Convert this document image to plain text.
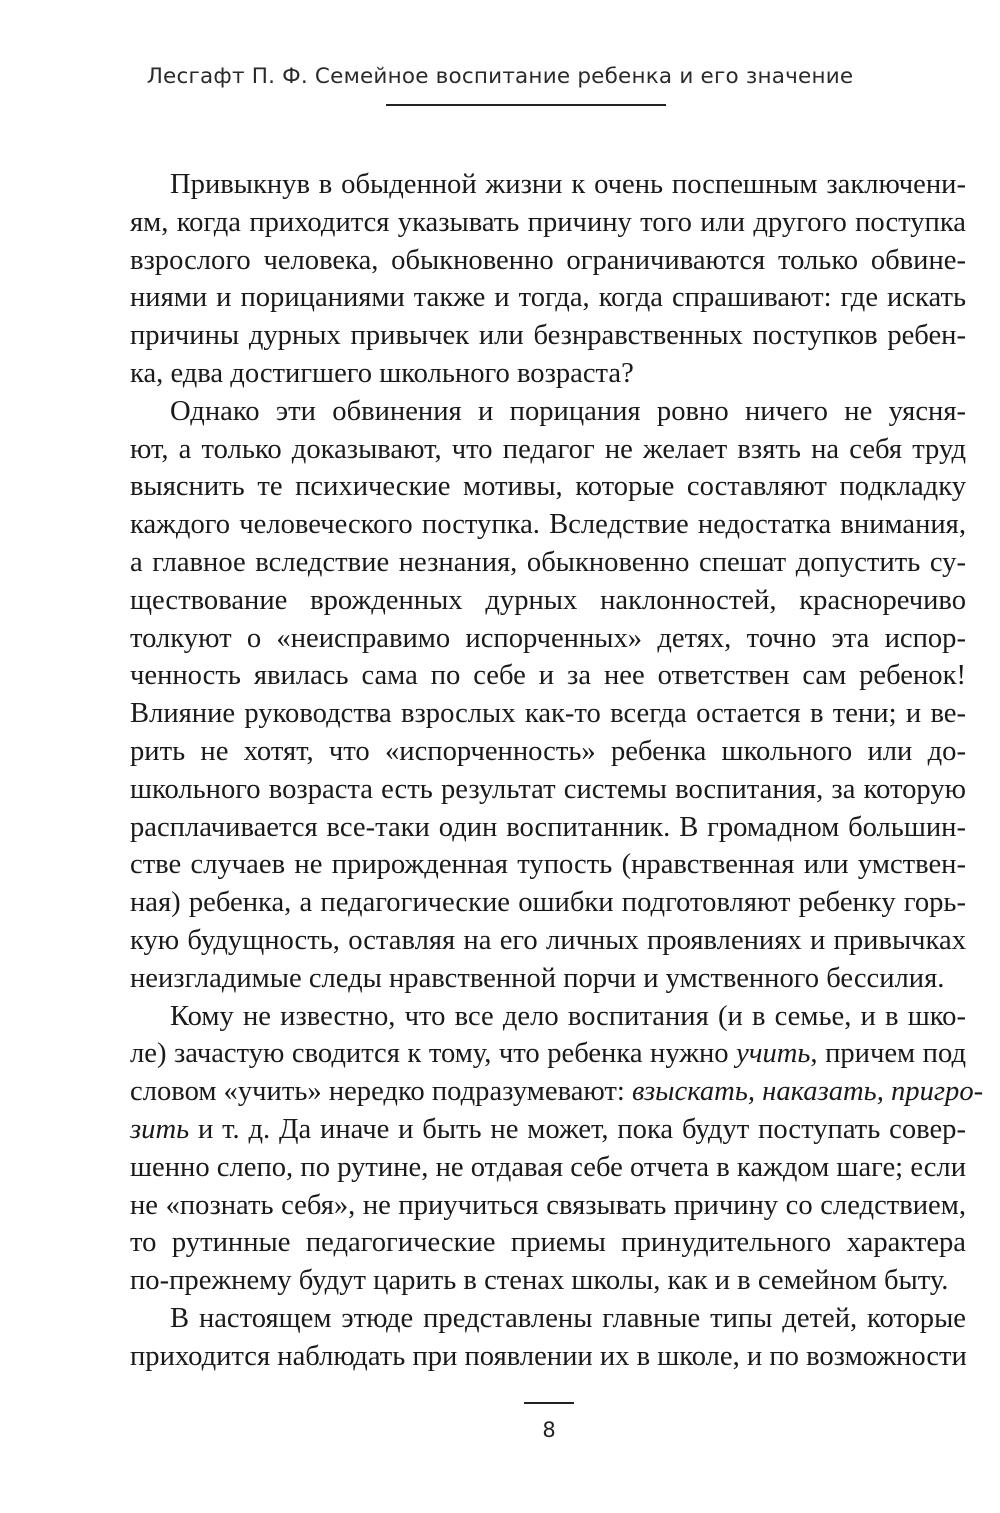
Лесгафт П. Ф. Семейное воспитание ребенка и его значение

Привыкнув в обыденной жизни к очень поспешным заключени-
ям, когда приходится указывать причину того или другого поступка
взрослого человека, обыкновенно ограничиваются только обвине-
ниями и порицаниями также и тогда, когда спрашивают: где искать
причины дурных привычек или безнравственных поступков ребен-
ка, едва достигшего школьного возраста?

Однако эти обвинения и порицания ровно ничего не уясня-
ют, а только доказывают, что педагог не желает взять на себя труд
выяснить те психические мотивы, которые составляют подкладку
каждого человеческого поступка. Вследствие недостатка внимания,
а главное вследствие незнания, обыкновенно спешат допустить су-
ществование врожденных дурных наклонностей, красноречиво
толкуют о «неисправимо испорченных» детях, точно эта испор-
ченность явилась сама по себе и за нее ответствен сам ребенок!
Влияние руководства взрослых как-то всегда остается в тени; и ве-
рить не хотят, что «испорченность» ребенка школьного или до-
школьного возраста есть результат системы воспитания, за которую
расплачивается все-таки один воспитанник. В громадном большин-
стве случаев не прирожденная тупость (нравственная или умствен-
ная) ребенка, а педагогические ошибки подготовляют ребенку горь-
кую будущность, оставляя на его личных проявлениях и привычках
неизгладимые следы нравственной порчи и умственного бессилия.

Кому не известно, что все дело воспитания (и в семье, и в шко-
ле) зачастую сводится к тому, что ребенка нужно учить, причем под
словом «учить» нередко подразумевают: взыскать, наказать, пригро-
зить и т. д. Да иначе и быть не может, пока будут поступать совер-
шенно слепо, по рутине, не отдавая себе отчета в каждом шаге; если
не «познать себя», не приучиться связывать причину со следствием,
то рутинные педагогические приемы принудительного характера
по-прежнему будут царить в стенах школы, как и в семейном быту.

В настоящем этюде представлены главные типы детей, которые
приходится наблюдать при появлении их в школе, и по возможности

8
